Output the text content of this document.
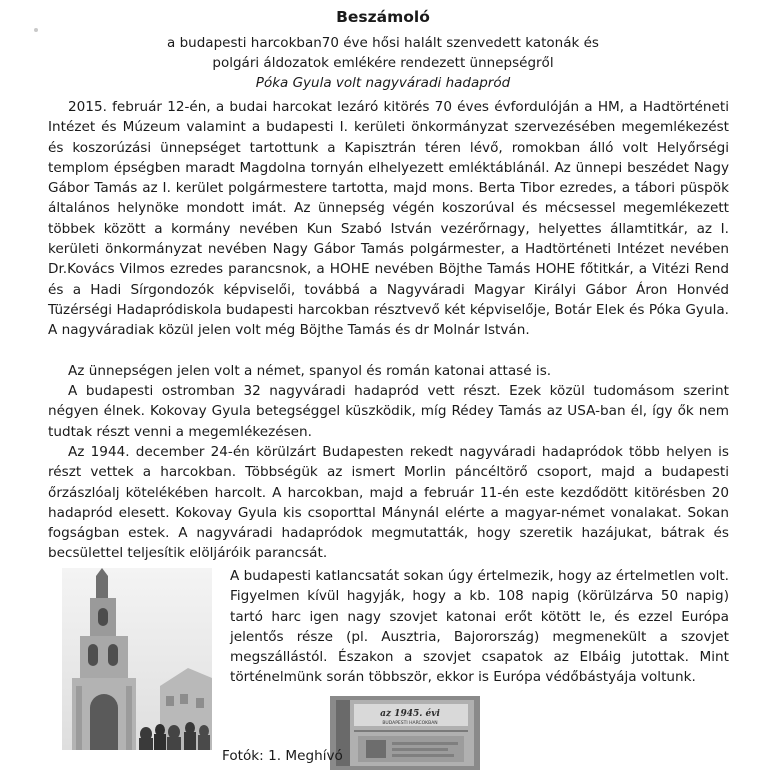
Beszámoló

a budapesti harcokban70 éve hősi halált szenvedett katonák és

polgári áldozatok emlékére rendezett ünnepségről

Póka Gyula volt nagyváradi hadapród

2015. február 12-én, a budai harcokat lezáró kitörés 70 éves évfordulóján a HM, a Hadtörténeti Intézet és Múzeum valamint a budapesti I. kerületi önkormányzat szervezésében megemlékezést és koszorúzási ünnepséget tartottunk a Kapisztrán téren lévő, romokban álló volt Helyőrségi templom épségben maradt Magdolna tornyán elhelyezett emléktáblánál. Az ünnepi beszédet Nagy Gábor Tamás az I. kerület polgármestere tartotta, majd mons. Berta Tibor ezredes, a tábori püspök általános helynöke mondott imát. Az ünnepség végén koszorúval és mécsessel megemlékezett többek között a kormány nevében Kun Szabó István vezérőrnagy, helyettes államtitkár, az I. kerületi önkormányzat nevében Nagy Gábor Tamás polgármester, a Hadtörténeti Intézet nevében Dr.Kovács Vilmos ezredes parancsnok, a HOHE nevében Böjthe Tamás HOHE főtitkár, a Vitézi Rend és a Hadi Sírgondozók képviselői, továbbá a Nagyváradi Magyar Királyi Gábor Áron Honvéd Tüzérségi Hadapródiskola budapesti harcokban résztvevő két képviselője, Botár Elek és Póka Gyula. A nagyváradiak közül jelen volt még Böjthe Tamás és dr Molnár István.

Az ünnepségen jelen volt a német, spanyol és román katonai attasé is.

A budapesti ostromban 32 nagyváradi hadapród vett részt. Ezek közül tudomásom szerint négyen élnek. Kokovay Gyula betegséggel küszködik, míg Rédey Tamás az USA-ban él, így ők nem tudtak részt venni a megemlékezésen.

Az 1944. december 24-én körülzárt Budapesten rekedt nagyváradi hadapródok több helyen is részt vettek a harcokban. Többségük az ismert Morlin páncéltörő csoport, majd a budapesti őrzászlóalj kötelékében harcolt. A harcokban, majd a február 11-én este kezdődött kitörésben 20 hadapród elesett. Kokovay Gyula kis csoporttal Mánynál elérte a magyar-német vonalakat. Sokan fogságban estek. A nagyváradi hadapródok megmutatták, hogy szeretik hazájukat, bátrak és becsülettel teljesítik elöljáróik parancsát.

A budapesti katlancsatát sokan úgy értelmezik, hogy az értelmetlen volt. Figyelmen kívül hagyják, hogy a kb. 108 napig (körülzárva 50 napig) tartó harc igen nagy szovjet katonai erőt kötött le, és ezzel Európa jelentős része (pl. Ausztria, Bajorország) megmenekült a szovjet megszállástól. Északon a szovjet csapatok az Elbáig jutottak. Mint történelmünk során többször, ekkor is Európa védőbástyája voltunk.

az 1945. évi
BUDAPESTI HARCOKBAN

Fotók: 1. Meghívó
